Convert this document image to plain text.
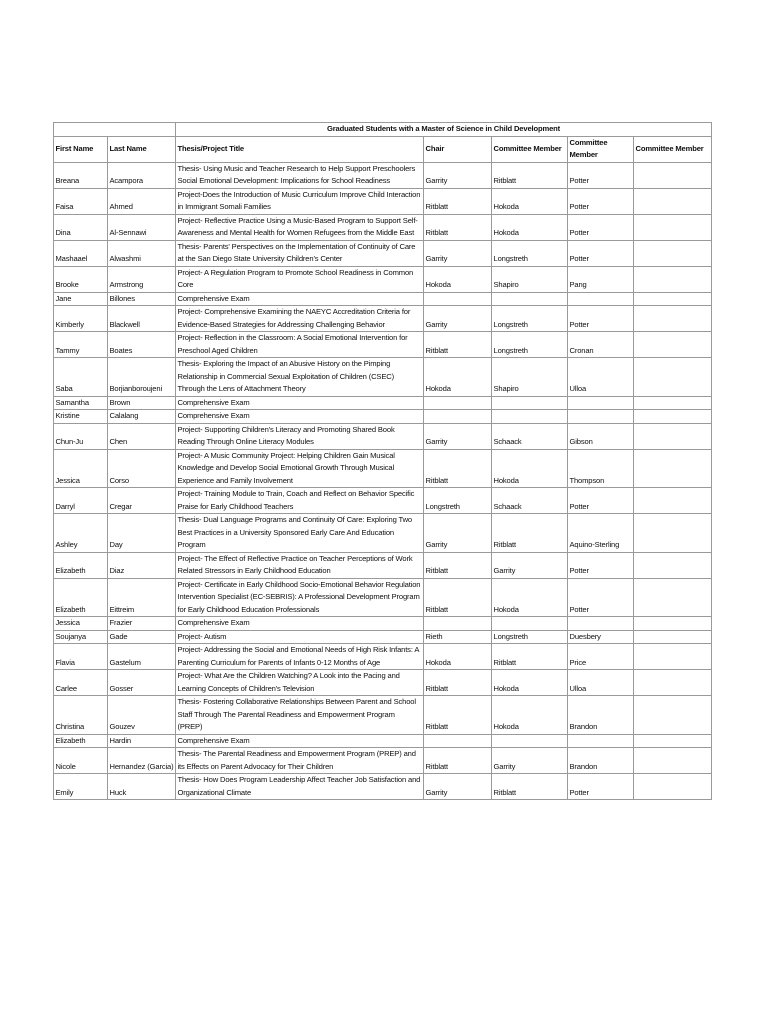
		Graduated Students with a Master of Science in Child Development				
First Name	Last Name	Thesis/Project Title	Chair	Committee Member	Committee Member	Committee Member
Breana	Acampora	Thesis- Using Music and Teacher Research to Help Support Preschoolers Social Emotional Development: Implications for School Readiness	Garrity	Ritblatt	Potter	
Faisa	Ahmed	Project-Does the Introduction of Music Curriculum Improve Child Interaction in Immigrant Somali Families	Ritblatt	Hokoda	Potter	
Dina	Al-Sennawi	Project- Reflective Practice Using a Music-Based Program to Support Self-Awareness and Mental Health for Women Refugees from the Middle East	Ritblatt	Hokoda	Potter	
Mashaael	Alwashmi	Thesis- Parents' Perspectives on the Implementation of Continuity of Care at the San Diego State University Children's Center	Garrity	Longstreth	Potter	
Brooke	Armstrong	Project- A Regulation Program to Promote School Readiness in Common Core	Hokoda	Shapiro	Pang	
Jane	Billones	Comprehensive Exam				
Kimberly	Blackwell	Project- Comprehensive Examining the NAEYC Accreditation Criteria for Evidence-Based Strategies for Addressing Challenging Behavior	Garrity	Longstreth	Potter	
Tammy	Boates	Project- Reflection in the Classroom: A Social Emotional Intervention for Preschool Aged Children	Ritblatt	Longstreth	Cronan	
Saba	Borjianboroujeni	Thesis- Exploring the Impact of an Abusive History on the Pimping Relationship in Commercial Sexual Exploitation of Children (CSEC) Through the Lens of Attachment Theory	Hokoda	Shapiro	Ulloa	
Samantha	Brown	Comprehensive Exam				
Kristine	Calalang	Comprehensive Exam				
Chun-Ju	Chen	Project- Supporting Children's Literacy and Promoting Shared Book Reading Through Online Literacy Modules	Garrity	Schaack	Gibson	
Jessica	Corso	Project- A Music Community Project: Helping Children Gain Musical Knowledge and Develop Social Emotional Growth Through Musical Experience and Family Involvement	Ritblatt	Hokoda	Thompson	
Darryl	Cregar	Project- Training Module to Train, Coach and Reflect on Behavior Specific Praise for Early Childhood Teachers	Longstreth	Schaack	Potter	
Ashley	Day	Thesis- Dual Language Programs and Continuity Of Care: Exploring Two Best Practices in a University Sponsored Early Care And Education Program	Garrity	Ritblatt	Aquino-Sterling	
Elizabeth	Diaz	Project- The Effect of Reflective Practice on Teacher Perceptions of Work Related Stressors in Early Childhood Education	Ritblatt	Garrity	Potter	
Elizabeth	Eittreim	Project- Certificate in Early Childhood Socio-Emotional Behavior Regulation Intervention Specialist (EC-SEBRIS): A Professional Development Program for Early Childhood Education Professionals	Ritblatt	Hokoda	Potter	
Jessica	Frazier	Comprehensive Exam				
Soujanya	Gade	Project- Autism	Rieth	Longstreth	Duesbery	
Flavia	Gastelum	Project- Addressing the Social and Emotional Needs of High Risk Infants: A Parenting Curriculum for Parents of Infants 0-12 Months of Age	Hokoda	Ritblatt	Price	
Carlee	Gosser	Project- What Are the Children Watching? A Look into the Pacing and Learning Concepts of Children's Television	Ritblatt	Hokoda	Ulloa	
Christina	Gouzev	Thesis- Fostering Collaborative Relationships Between Parent and School Staff Through The Parental Readiness and Empowerment Program (PREP)	Ritblatt	Hokoda	Brandon	
Elizabeth	Hardin	Comprehensive Exam				
Nicole	Hernandez (Garcia)	Thesis- The Parental Readiness and Empowerment Program (PREP) and its Effects on Parent Advocacy for Their Children	Ritblatt	Garrity	Brandon	
Emily	Huck	Thesis- How Does Program Leadership Affect Teacher Job Satisfaction and Organizational Climate	Garrity	Ritblatt	Potter	
